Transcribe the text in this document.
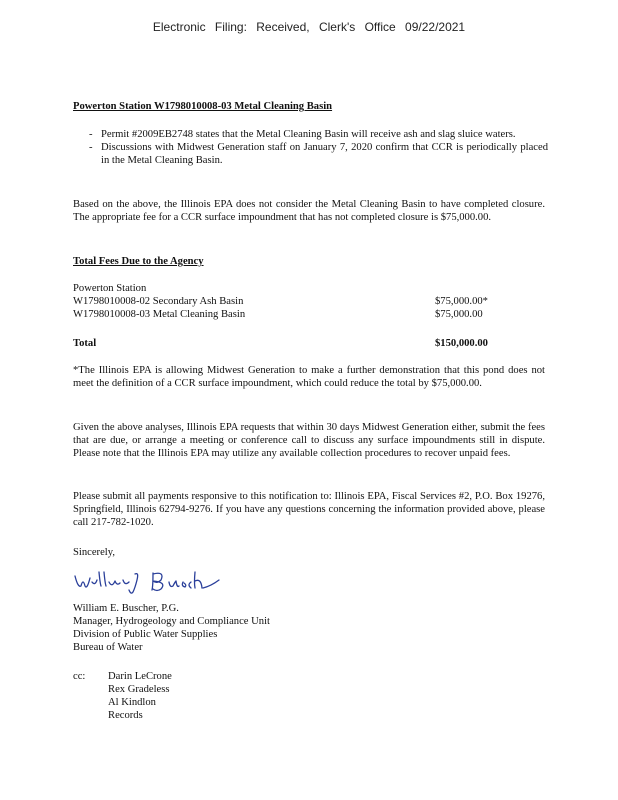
Electronic Filing: Received, Clerk's Office 09/22/2021
Powerton Station W1798010008-03 Metal Cleaning Basin
- Permit #2009EB2748 states that the Metal Cleaning Basin will receive ash and slag sluice waters.
- Discussions with Midwest Generation staff on January 7, 2020 confirm that CCR is periodically placed in the Metal Cleaning Basin.
Based on the above, the Illinois EPA does not consider the Metal Cleaning Basin to have completed closure. The appropriate fee for a CCR surface impoundment that has not completed closure is $75,000.00.
Total Fees Due to the Agency
Powerton Station
W1798010008-02 Secondary Ash Basin	$75,000.00*
W1798010008-03 Metal Cleaning Basin	$75,000.00
Total	$150,000.00
*The Illinois EPA is allowing Midwest Generation to make a further demonstration that this pond does not meet the definition of a CCR surface impoundment, which could reduce the total by $75,000.00.
Given the above analyses, Illinois EPA requests that within 30 days Midwest Generation either, submit the fees that are due, or arrange a meeting or conference call to discuss any surface impoundments still in dispute. Please note that the Illinois EPA may utilize any available collection procedures to recover unpaid fees.
Please submit all payments responsive to this notification to: Illinois EPA, Fiscal Services #2, P.O. Box 19276, Springfield, Illinois 62794-9276. If you have any questions concerning the information provided above, please call 217-782-1020.
Sincerely,
William E. Buscher, P.G.
Manager, Hydrogeology and Compliance Unit
Division of Public Water Supplies
Bureau of Water
cc: Darin LeCrone
Rex Gradeless
Al Kindlon
Records
